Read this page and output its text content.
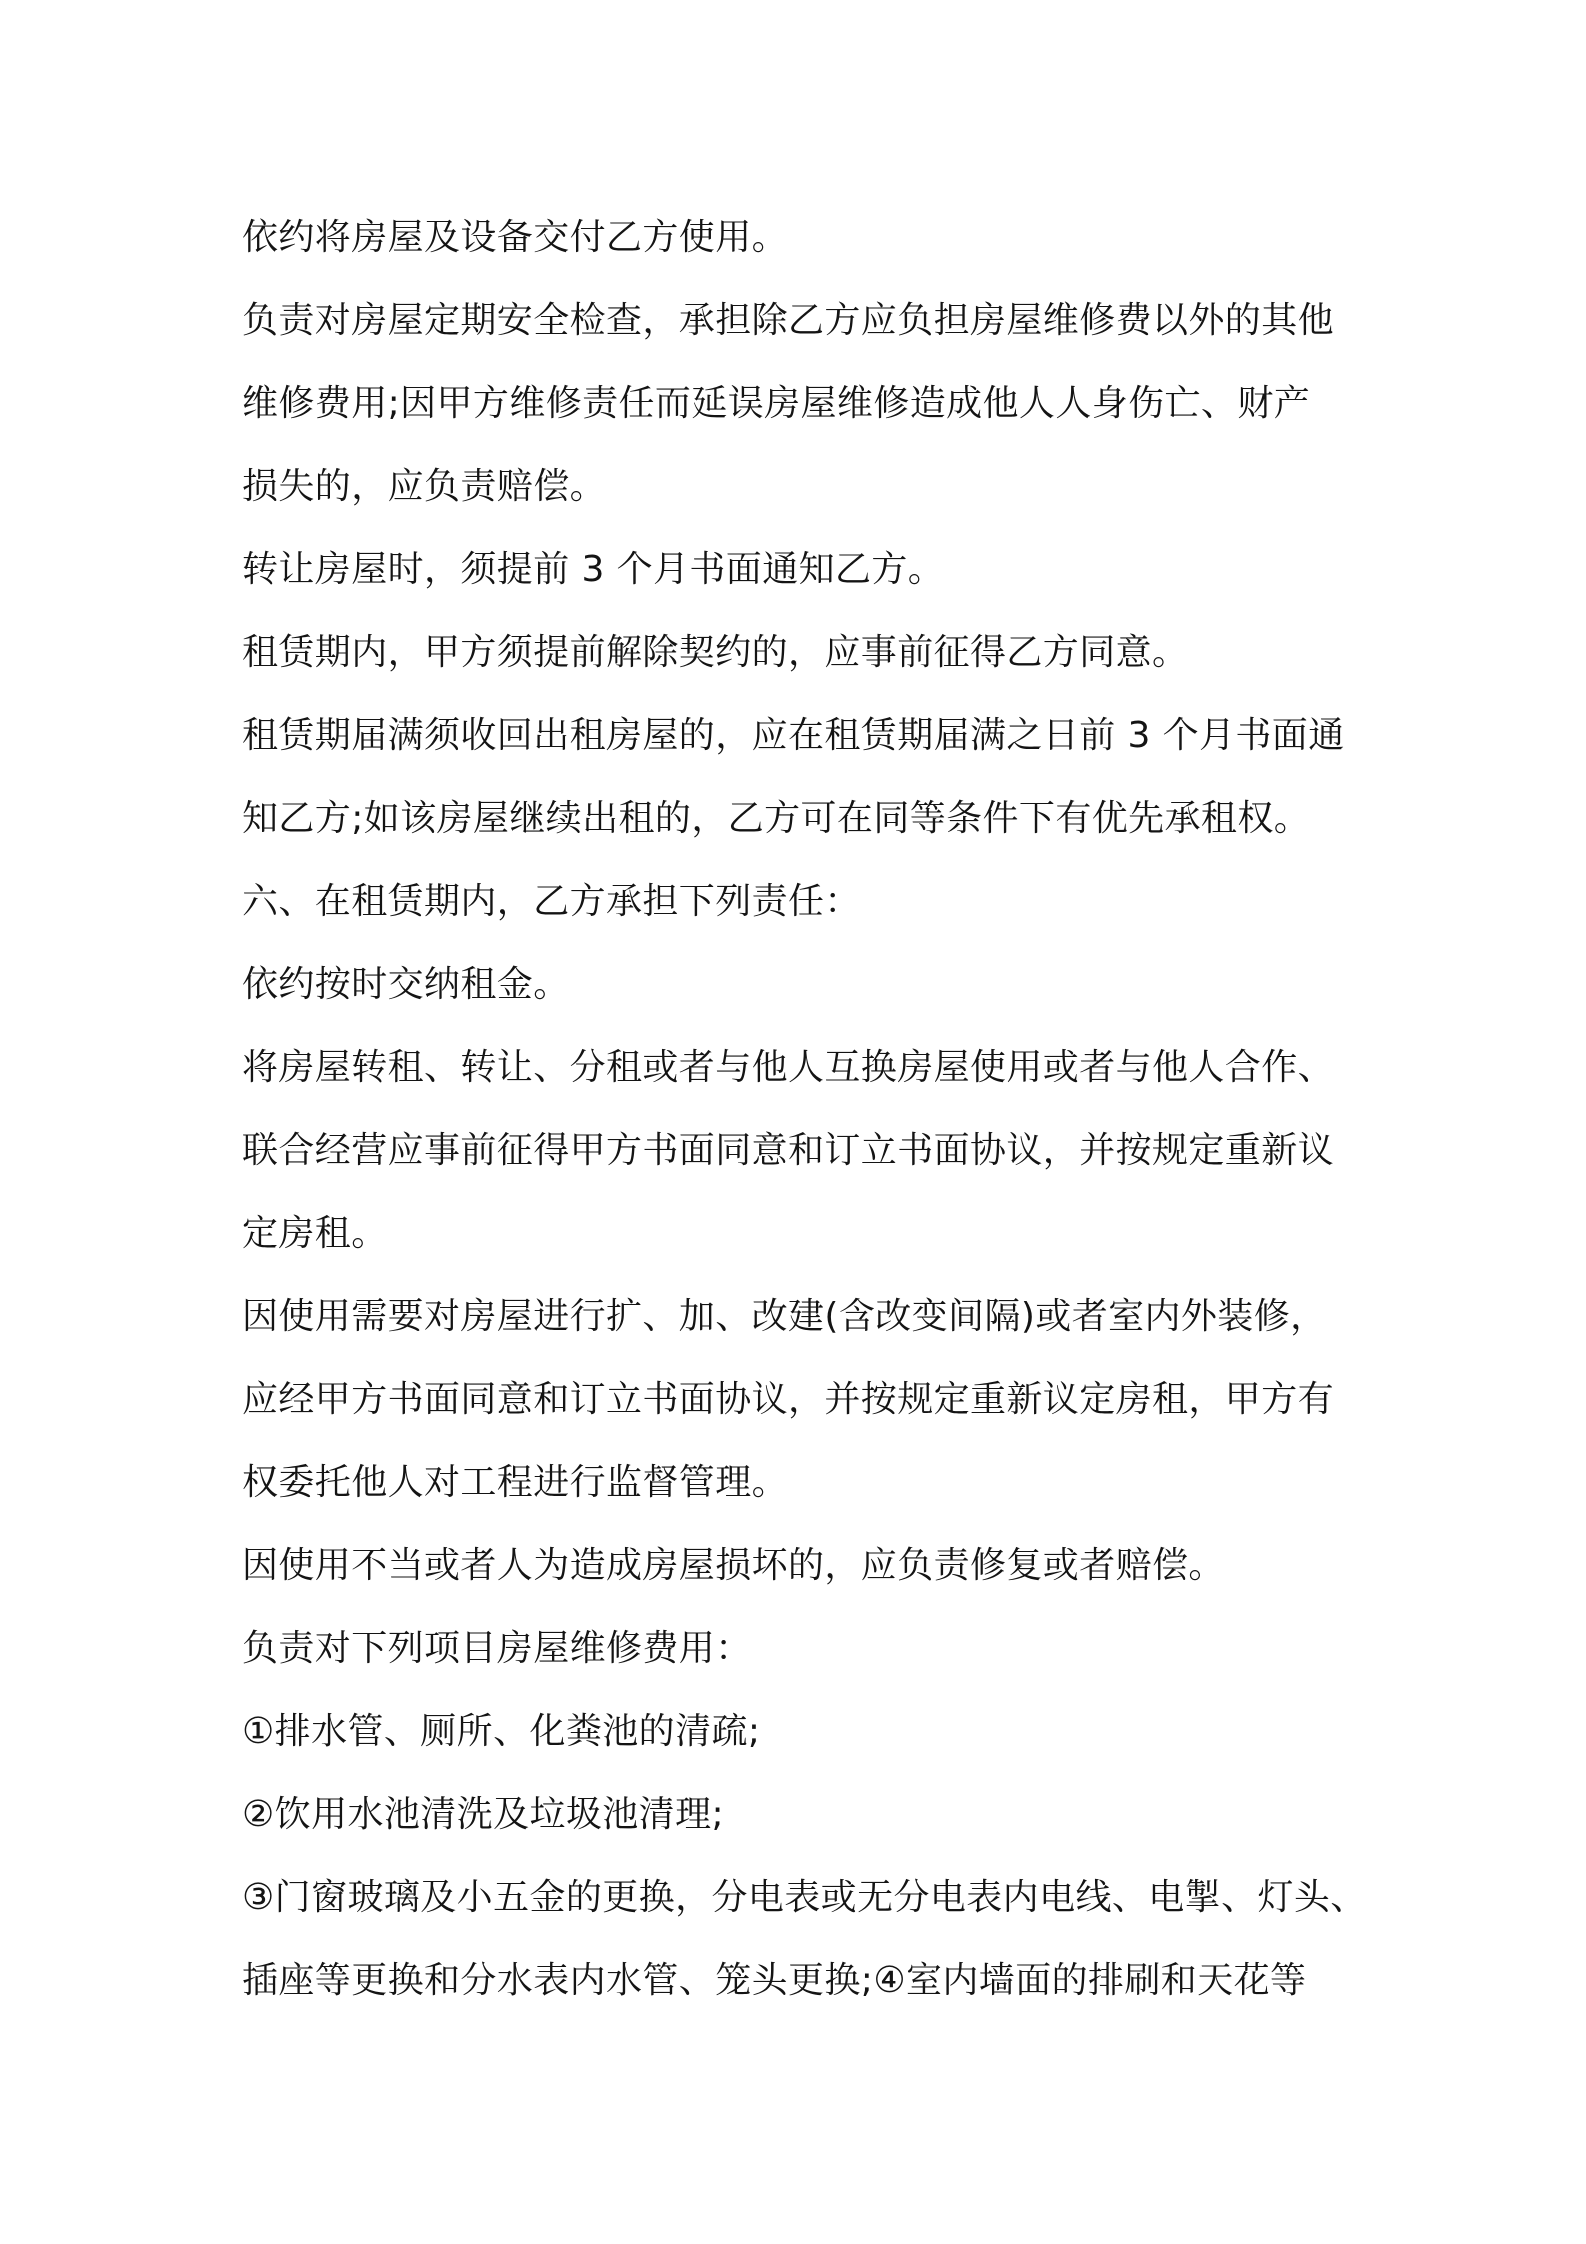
依约将房屋及设备交付乙方使用。
负责对房屋定期安全检查，承担除乙方应负担房屋维修费以外的其他
维修费用;因甲方维修责任而延误房屋维修造成他人人身伤亡、财产
损失的，应负责赔偿。
转让房屋时，须提前 3 个月书面通知乙方。
租赁期内，甲方须提前解除契约的，应事前征得乙方同意。
租赁期届满须收回出租房屋的，应在租赁期届满之日前 3 个月书面通
知乙方;如该房屋继续出租的，乙方可在同等条件下有优先承租权。
六、在租赁期内，乙方承担下列责任：
依约按时交纳租金。
将房屋转租、转让、分租或者与他人互换房屋使用或者与他人合作、
联合经营应事前征得甲方书面同意和订立书面协议，并按规定重新议
定房租。
因使用需要对房屋进行扩、加、改建(含改变间隔)或者室内外装修，
应经甲方书面同意和订立书面协议，并按规定重新议定房租，甲方有
权委托他人对工程进行监督管理。
因使用不当或者人为造成房屋损坏的，应负责修复或者赔偿。
负责对下列项目房屋维修费用：
①排水管、厕所、化粪池的清疏;
②饮用水池清洗及垃圾池清理;
③门窗玻璃及小五金的更换，分电表或无分电表内电线、电掣、灯头、
插座等更换和分水表内水管、笼头更换;④室内墙面的排刷和天花等
